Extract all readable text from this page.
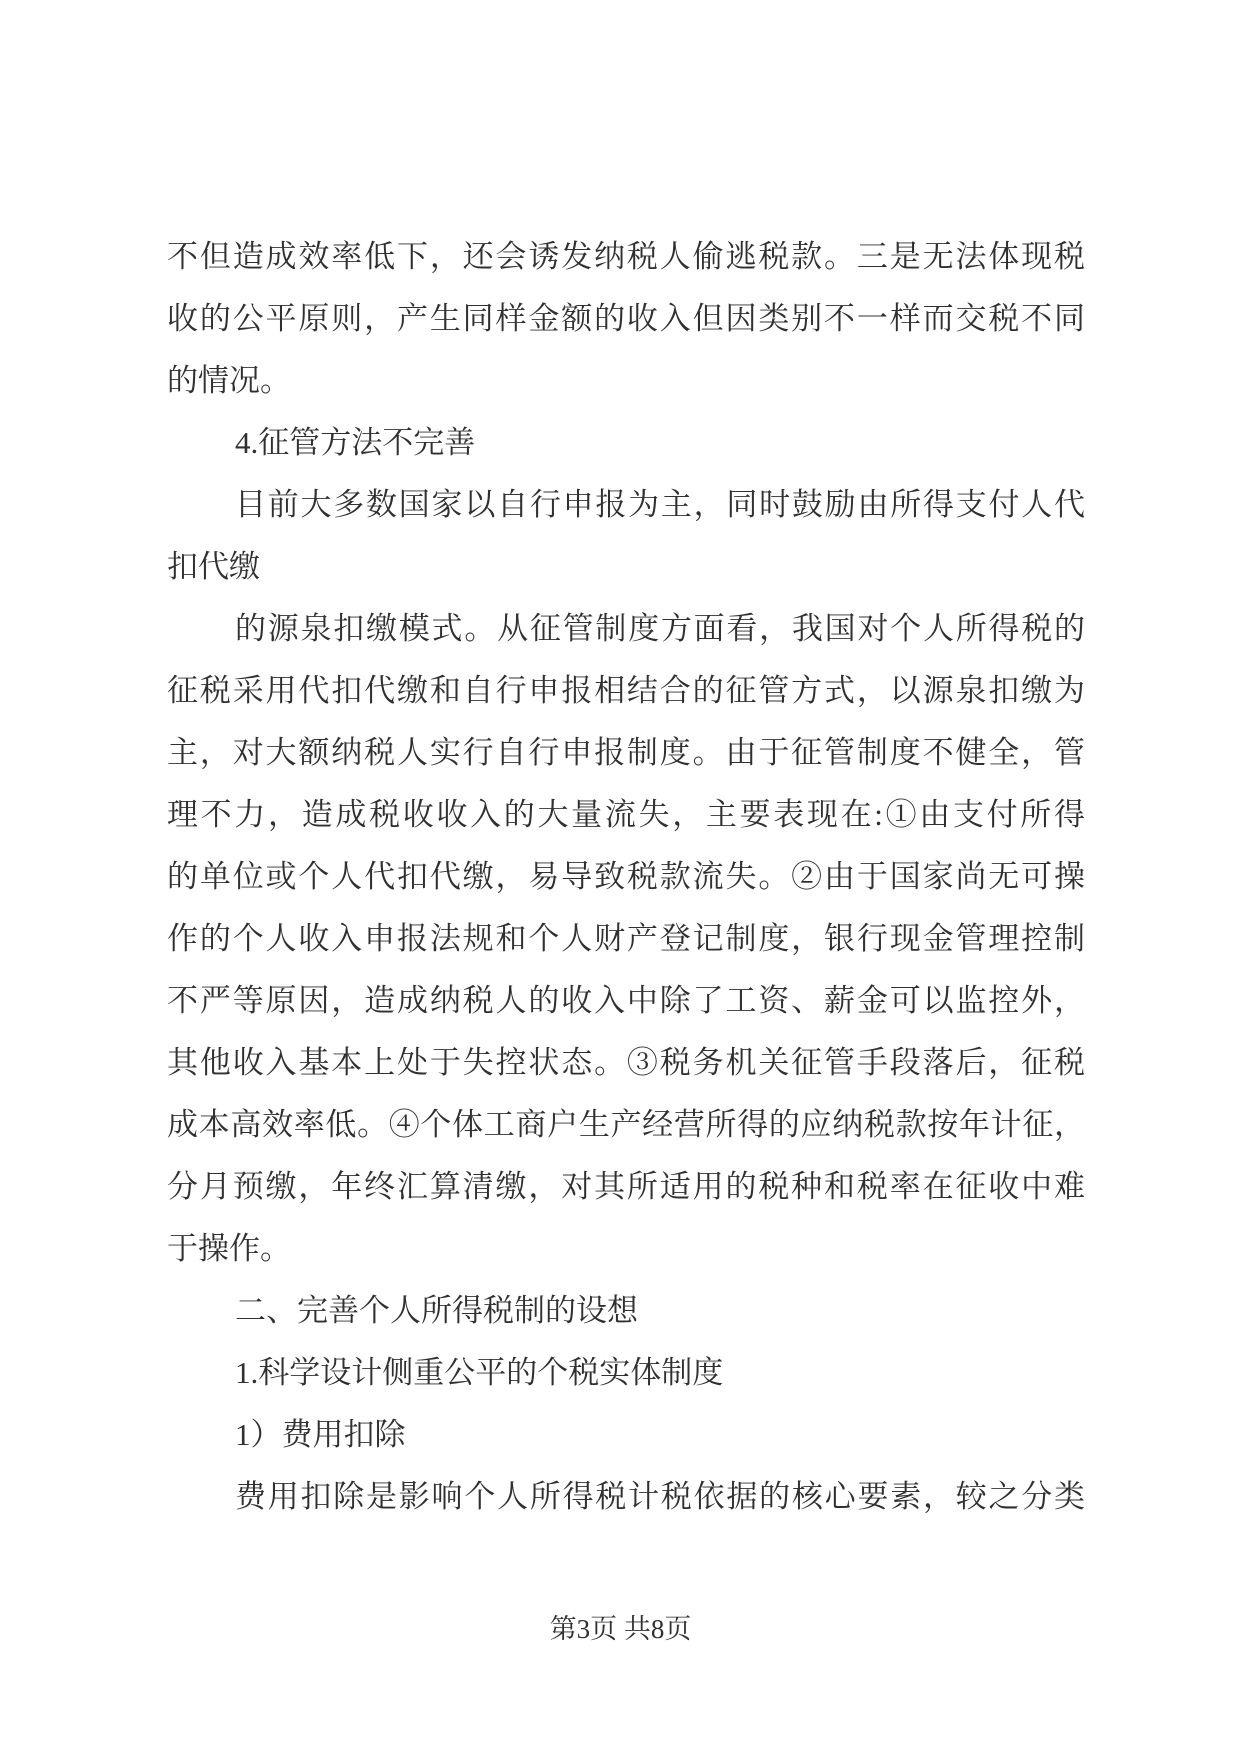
不但造成效率低下，还会诱发纳税人偷逃税款。三是无法体现税
收的公平原则，产生同样金额的收入但因类别不一样而交税不同
的情况。
4.征管方法不完善
目前大多数国家以自行申报为主，同时鼓励由所得支付人代
扣代缴
的源泉扣缴模式。从征管制度方面看，我国对个人所得税的
征税采用代扣代缴和自行申报相结合的征管方式，以源泉扣缴为
主，对大额纳税人实行自行申报制度。由于征管制度不健全，管
理不力，造成税收收入的大量流失，主要表现在:①由支付所得
的单位或个人代扣代缴，易导致税款流失。②由于国家尚无可操
作的个人收入申报法规和个人财产登记制度，银行现金管理控制
不严等原因，造成纳税人的收入中除了工资、薪金可以监控外，
其他收入基本上处于失控状态。③税务机关征管手段落后，征税
成本高效率低。④个体工商户生产经营所得的应纳税款按年计征，
分月预缴，年终汇算清缴，对其所适用的税种和税率在征收中难
于操作。
二、完善个人所得税制的设想
1.科学设计侧重公平的个税实体制度
1）费用扣除
费用扣除是影响个人所得税计税依据的核心要素，较之分类
第3页 共8页
